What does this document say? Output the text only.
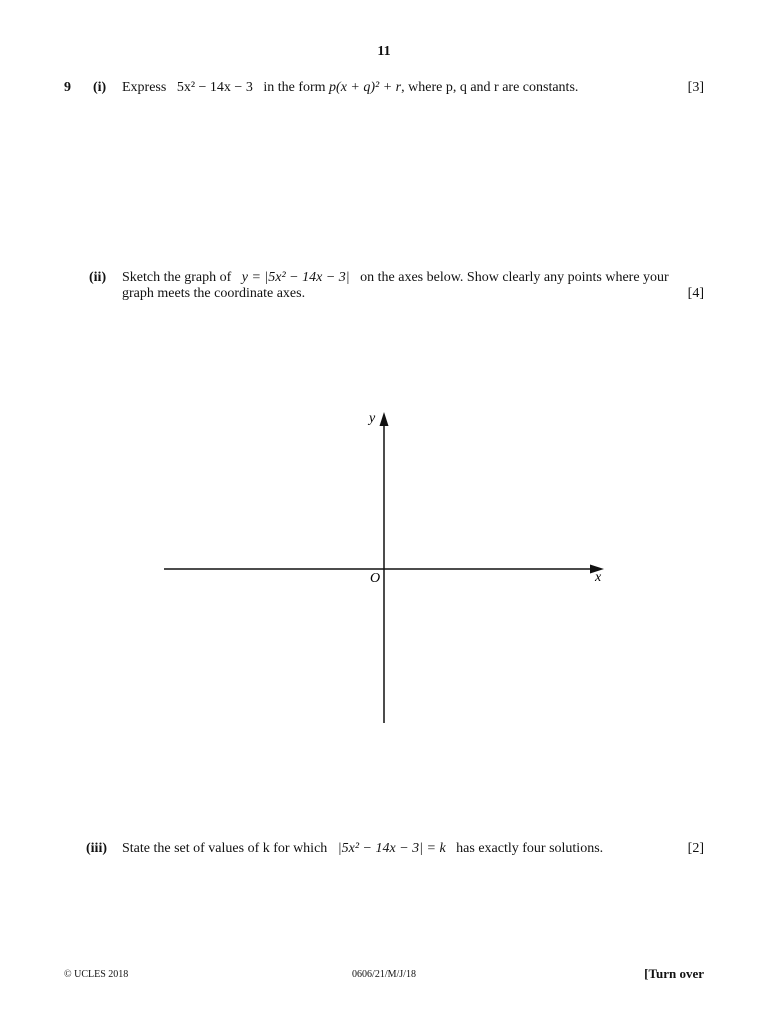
11
9 (i) Express 5x² − 14x − 3 in the form p(x + q)² + r, where p, q and r are constants.	[3]
(ii) Sketch the graph of y = |5x² − 14x − 3| on the axes below. Show clearly any points where your
graph meets the coordinate axes.	[4]
y
x
O
(iii) State the set of values of k for which |5x² − 14x − 3| = k has exactly four solutions.	[2]
© UCLES 2018	0606/21/M/J/18	[Turn over
